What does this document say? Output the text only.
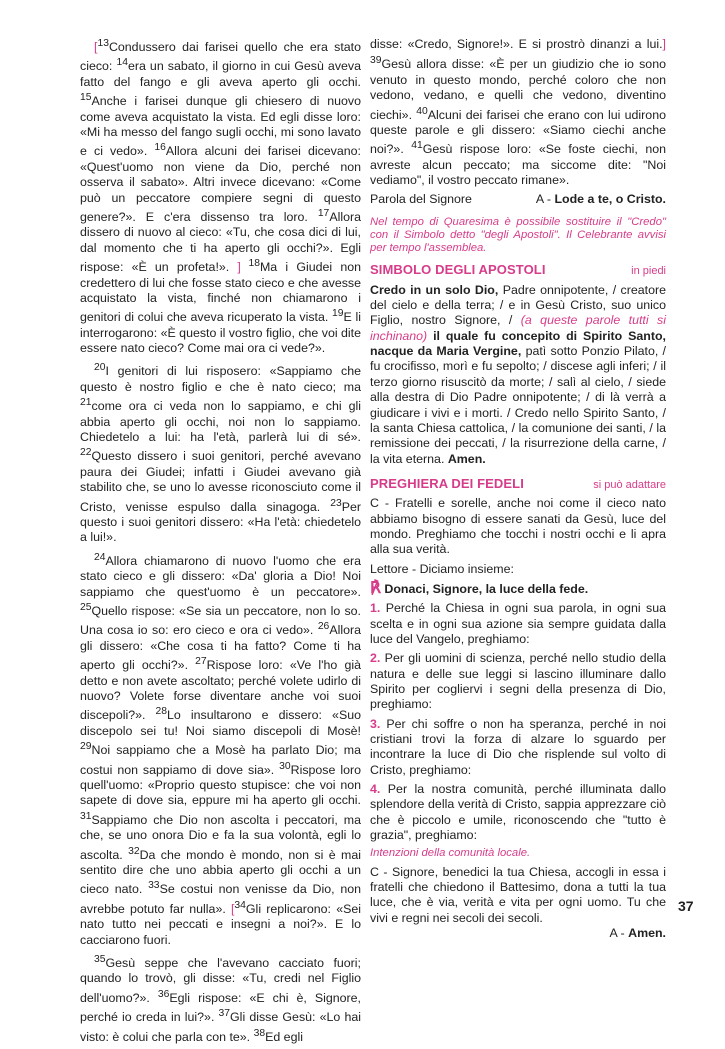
[$^{13}$Condussero dai farisei quello che era stato cieco: $^{14}$era un sabato, il giorno in cui Gesù aveva fatto del fango e gli aveva aperto gli occhi. $^{15}$Anche i farisei dunque gli chiesero di nuovo come aveva acquistato la vista. Ed egli disse loro: «Mi ha messo del fango sugli occhi, mi sono lavato e ci vedo». $^{16}$Allora alcuni dei farisei dicevano: «Quest'uomo non viene da Dio, perché non osserva il sabato». Altri invece dicevano: «Come può un peccatore compiere segni di questo genere?». E c'era dissenso tra loro. $^{17}$Allora dissero di nuovo al cieco: «Tu, che cosa dici di lui, dal momento che ti ha aperto gli occhi?». Egli rispose: «È un profeta!». ] $^{18}$Ma i Giudei non credettero di lui che fosse stato cieco e che avesse acquistato la vista, finché non chiamarono i genitori di colui che aveva ricuperato la vista. $^{19}$E li interrogarono: «È questo il vostro figlio, che voi dite essere nato cieco? Come mai ora ci vede?».

$^{20}$I genitori di lui risposero: «Sappiamo che questo è nostro figlio e che è nato cieco; ma $^{21}$come ora ci veda non lo sappiamo, e chi gli abbia aperto gli occhi, noi non lo sappiamo. Chiedetelo a lui: ha l'età, parlerà lui di sé». $^{22}$Questo dissero i suoi genitori, perché avevano paura dei Giudei; infatti i Giudei avevano già stabilito che, se uno lo avesse riconosciuto come il Cristo, venisse espulso dalla sinagoga. $^{23}$Per questo i suoi genitori dissero: «Ha l'età: chiedetelo a lui!».

$^{24}$Allora chiamarono di nuovo l'uomo che era stato cieco e gli dissero: «Da' gloria a Dio! Noi sappiamo che quest'uomo è un peccatore». $^{25}$Quello rispose: «Se sia un peccatore, non lo so. Una cosa io so: ero cieco e ora ci vedo». $^{26}$Allora gli dissero: «Che cosa ti ha fatto? Come ti ha aperto gli occhi?». $^{27}$Rispose loro: «Ve l'ho già detto e non avete ascoltato; perché volete udirlo di nuovo? Volete forse diventare anche voi suoi discepoli?». $^{28}$Lo insultarono e dissero: «Suo discepolo sei tu! Noi siamo discepoli di Mosè! $^{29}$Noi sappiamo che a Mosè ha parlato Dio; ma costui non sappiamo di dove sia». $^{30}$Rispose loro quell'uomo: «Proprio questo stupisce: che voi non sapete di dove sia, eppure mi ha aperto gli occhi. $^{31}$Sappiamo che Dio non ascolta i peccatori, ma che, se uno onora Dio e fa la sua volontà, egli lo ascolta. $^{32}$Da che mondo è mondo, non si è mai sentito dire che uno abbia aperto gli occhi a un cieco nato. $^{33}$Se costui non venisse da Dio, non avrebbe potuto far nulla». [$^{34}$Gli replicarono: «Sei nato tutto nei peccati e insegni a noi?». E lo cacciarono fuori.

$^{35}$Gesù seppe che l'avevano cacciato fuori; quando lo trovò, gli disse: «Tu, credi nel Figlio dell'uomo?». $^{36}$Egli rispose: «E chi è, Signore, perché io creda in lui?». $^{37}$Gli disse Gesù: «Lo hai visto: è colui che parla con te». $^{38}$Ed egli

disse: «Credo, Signore!». E si prostrò dinanzi a lui.] $^{39}$Gesù allora disse: «È per un giudizio che io sono venuto in questo mondo, perché coloro che non vedono, vedano, e quelli che vedono, diventino ciechi». $^{40}$Alcuni dei farisei che erano con lui udirono queste parole e gli dissero: «Siamo ciechi anche noi?». $^{41}$Gesù rispose loro: «Se foste ciechi, non avreste alcun peccato; ma siccome dite: "Noi vediamo", il vostro peccato rimane».

Parola del Signore	A - Lode a te, o Cristo.
Nel tempo di Quaresima è possibile sostituire il "Credo" con il Simbolo detto "degli Apostoli". Il Celebrante avvisi per tempo l'assemblea.
SIMBOLO DEGLI APOSTOLI	in piedi

Credo in un solo Dio, Padre onnipotente, / creatore del cielo e della terra; / e in Gesù Cristo, suo unico Figlio, nostro Signore, / (a queste parole tutti si inchinano) il quale fu concepito di Spirito Santo, nacque da Maria Vergine, patì sotto Ponzio Pilato, / fu crocifisso, morì e fu sepolto; / discese agli inferi; / il terzo giorno risuscitò da morte; / salì al cielo, / siede alla destra di Dio Padre onnipotente; / di là verrà a giudicare i vivi e i morti. / Credo nello Spirito Santo, / la santa Chiesa cattolica, / la comunione dei santi, / la remissione dei peccati, / la risurrezione della carne, / la vita eterna. Amen.

PREGHIERA DEI FEDELI	si può adattare

C - Fratelli e sorelle, anche noi come il cieco nato abbiamo bisogno di essere sanati da Gesù, luce del mondo. Preghiamo che tocchi i nostri occhi e li apra alla sua verità.

Lettore - Diciamo insieme:

℟ Donaci, Signore, la luce della fede.

1. Perché la Chiesa in ogni sua parola, in ogni sua scelta e in ogni sua azione sia sempre guidata dalla luce del Vangelo, preghiamo:

2. Per gli uomini di scienza, perché nello studio della natura e delle sue leggi si lascino illuminare dallo Spirito per cogliervi i segni della presenza di Dio, preghiamo:

3. Per chi soffre o non ha speranza, perché in noi cristiani trovi la forza di alzare lo sguardo per incontrare la luce di Dio che risplende sul volto di Cristo, preghiamo:

4. Per la nostra comunità, perché illuminata dallo splendore della verità di Cristo, sappia apprezzare ciò che è piccolo e umile, riconoscendo che "tutto è grazia", preghiamo:

Intenzioni della comunità locale.

C - Signore, benedici la tua Chiesa, accogli in essa i fratelli che chiedono il Battesimo, dona a tutti la tua luce, che è via, verità e vita per ogni uomo. Tu che vivi e regni nei secoli dei secoli.

A - Amen.
37
